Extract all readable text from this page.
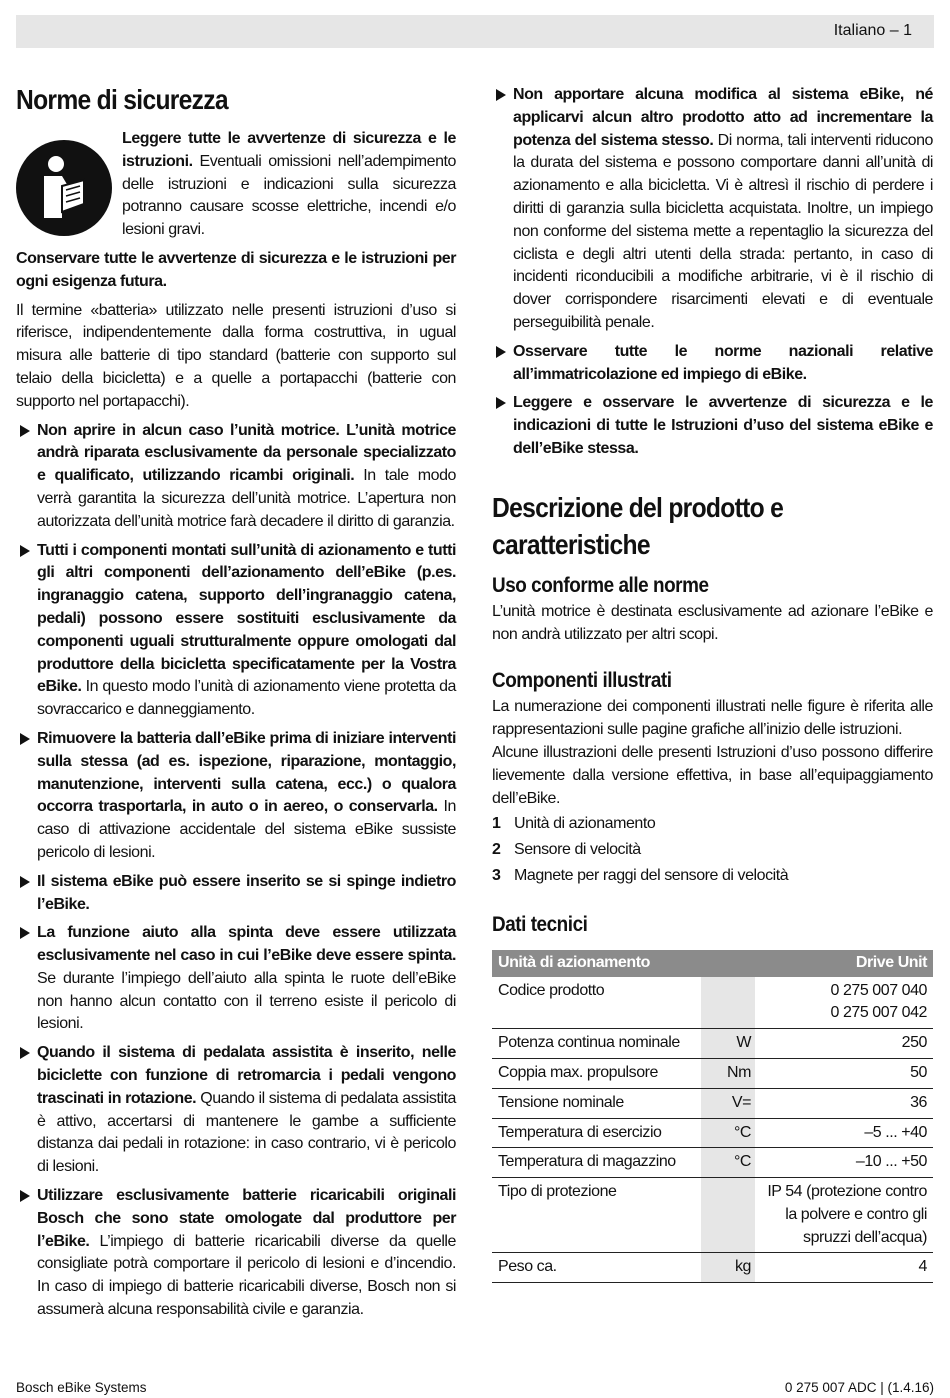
Italiano – 1
Norme di sicurezza

Leggere tutte le avvertenze di sicurezza e le istruzioni. Eventuali omissioni nell’adempimento delle istruzioni e indicazioni sulla sicurezza potranno causare scosse elettriche, incendi e/o lesioni gravi.

Conservare tutte le avvertenze di sicurezza e le istruzioni per ogni esigenza futura.

Il termine «batteria» utilizzato nelle presenti istruzioni d’uso si riferisce, indipendentemente dalla forma costruttiva, in ugual misura alle batterie di tipo standard (batterie con supporto sul telaio della bicicletta) e a quelle a portapacchi (batterie con supporto nel portapacchi).

Non aprire in alcun caso l’unità motrice. L’unità motrice andrà riparata esclusivamente da personale specializzato e qualificato, utilizzando ricambi originali. In tale modo verrà garantita la sicurezza dell’unità motrice. L’apertura non autorizzata dell’unità motrice farà decadere il diritto di garanzia.

Tutti i componenti montati sull’unità di azionamento e tutti gli altri componenti dell’azionamento dell’eBike (p.es. ingranaggio catena, supporto dell’ingranaggio catena, pedali) possono essere sostituiti esclusivamente da componenti uguali strutturalmente oppure omologati dal produttore della bicicletta specificatamente per la Vostra eBike. In questo modo l’unità di azionamento viene protetta da sovraccarico e danneggiamento.

Rimuovere la batteria dall’eBike prima di iniziare interventi sulla stessa (ad es. ispezione, riparazione, montaggio, manutenzione, interventi sulla catena, ecc.) o qualora occorra trasportarla, in auto o in aereo, o conservarla. In caso di attivazione accidentale del sistema eBike sussiste pericolo di lesioni.

Il sistema eBike può essere inserito se si spinge indietro l’eBike.

La funzione aiuto alla spinta deve essere utilizzata esclusivamente nel caso in cui l’eBike deve essere spinta. Se durante l’impiego dell’aiuto alla spinta le ruote dell’eBike non hanno alcun contatto con il terreno esiste il pericolo di lesioni.

Quando il sistema di pedalata assistita è inserito, nelle biciclette con funzione di retromarcia i pedali vengono trascinati in rotazione. Quando il sistema di pedalata assistita è attivo, accertarsi di mantenere le gambe a sufficiente distanza dai pedali in rotazione: in caso contrario, vi è pericolo di lesioni.

Utilizzare esclusivamente batterie ricaricabili originali Bosch che sono state omologate dal produttore per l’eBike. L’impiego di batterie ricaricabili diverse da quelle consigliate potrà comportare il pericolo di lesioni e d’incendio. In caso di impiego di batterie ricaricabili diverse, Bosch non si assumerà alcuna responsabilità civile e garanzia.

Non apportare alcuna modifica al sistema eBike, né applicarvi alcun altro prodotto atto ad incrementare la potenza del sistema stesso. Di norma, tali interventi riducono la durata del sistema e possono comportare danni all’unità di azionamento e alla bicicletta. Vi è altresì il rischio di perdere i diritti di garanzia sulla bicicletta acquistata. Inoltre, un impiego non conforme del sistema mette a repentaglio la sicurezza del ciclista e degli altri utenti della strada: pertanto, in caso di incidenti riconducibili a modifiche arbitrarie, vi è il rischio di dover corrispondere risarcimenti elevati e di eventuale perseguibilità penale.

Osservare tutte le norme nazionali relative all’immatricolazione ed impiego di eBike.

Leggere e osservare le avvertenze di sicurezza e le indicazioni di tutte le Istruzioni d’uso del sistema eBike e dell’eBike stessa.

Descrizione del prodotto e caratteristiche
Uso conforme alle norme

L’unità motrice è destinata esclusivamente ad azionare l’eBike e non andrà utilizzato per altri scopi.

Componenti illustrati

La numerazione dei componenti illustrati nelle figure è riferita alle rappresentazioni sulle pagine grafiche all’inizio delle istruzioni.

Alcune illustrazioni delle presenti Istruzioni d’uso possono differire lievemente dalla versione effettiva, in base all’equipaggiamento dell’eBike.

1 Unità di azionamento
2 Sensore di velocità
3 Magnete per raggi del sensore di velocità
Dati tecnici
Unità di azionamento		Drive Unit
Codice prodotto		0 275 007 040
0 275 007 042
Potenza continua nominale	W	250
Coppia max. propulsore	Nm	50
Tensione nominale	V=	36
Temperatura di esercizio	°C	–5 ... +40
Temperatura di magazzino	°C	–10 ... +50
Tipo di protezione		IP 54 (protezione contro la polvere e contro gli spruzzi dell’acqua)
Peso ca.	kg	4
Bosch eBike Systems	0 275 007 ADC | (1.4.16)
